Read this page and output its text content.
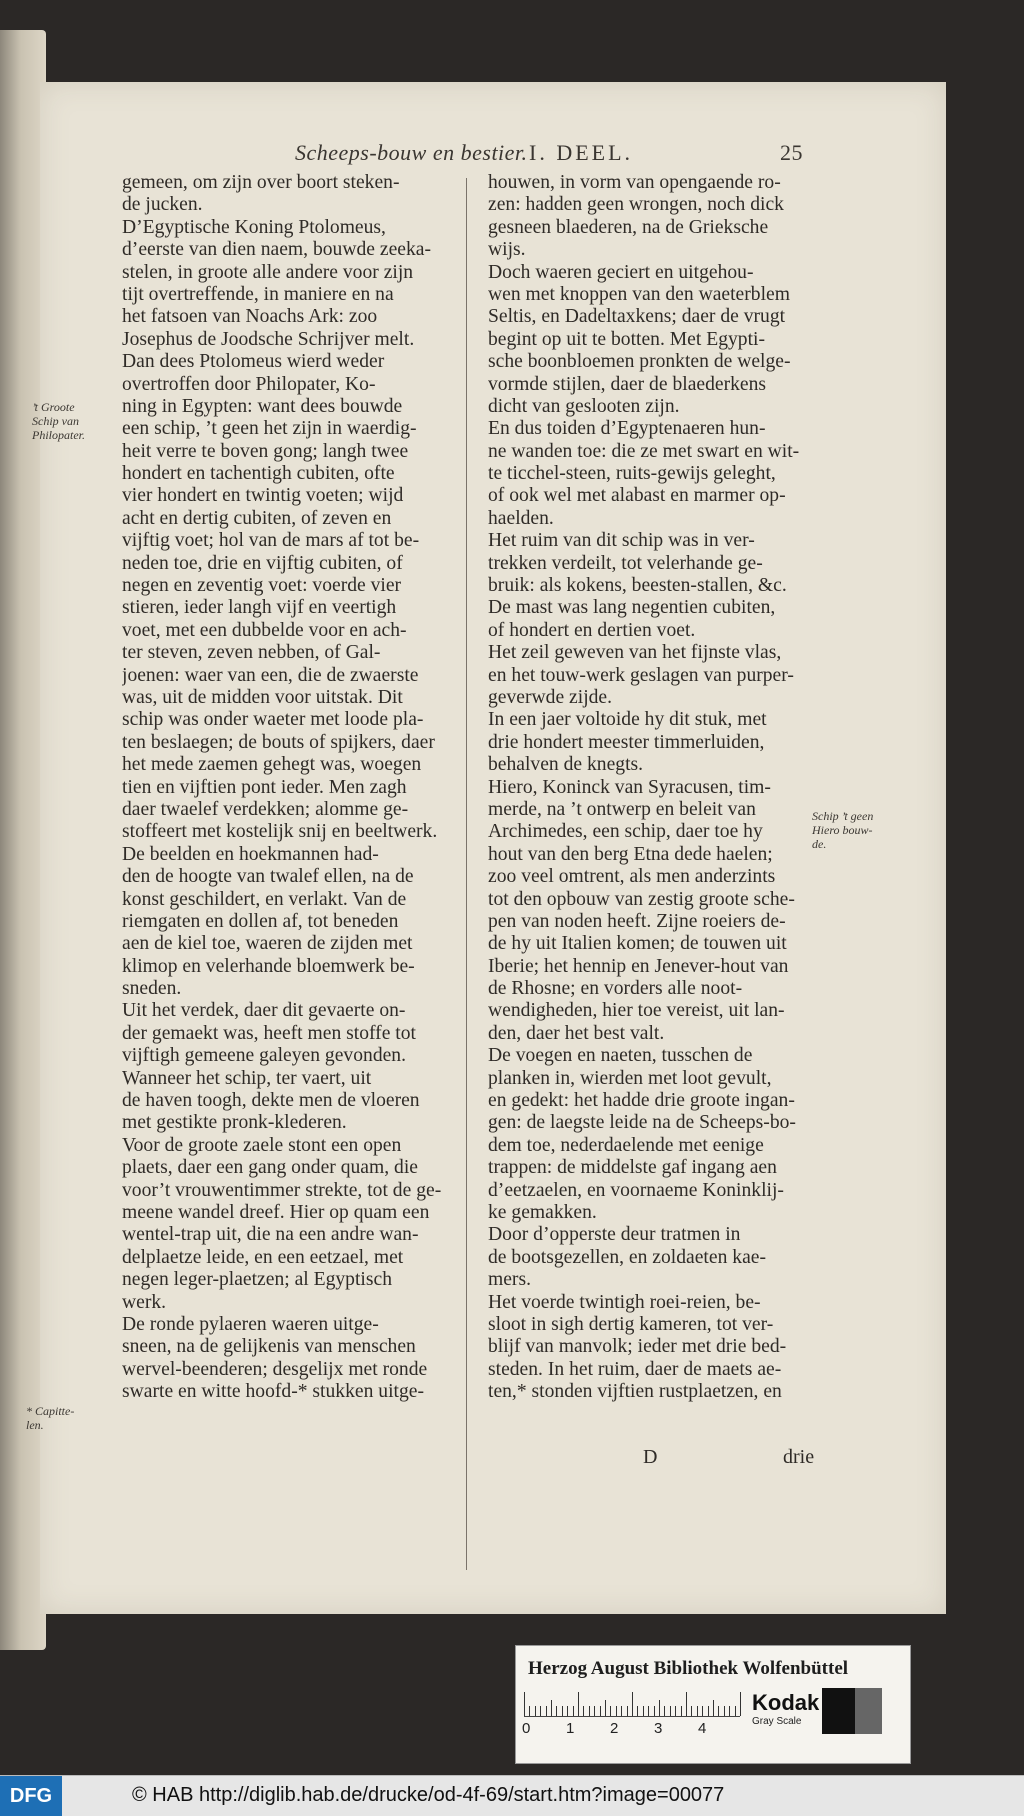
Scheeps-bouw en bestier. I. DEEL.	25
’t Groote
Schip van
Philopater.
* Capitte-
len.
Schip ’t geen
Hiero bouw-
de.
gemeen, om zijn over boort steken-
de jucken.
D’Egyptische Koning Ptolomeus,
d’eerste van dien naem, bouwde zeeka-
stelen, in groote alle andere voor zijn
tijt overtreffende, in maniere en na
het fatsoen van Noachs Ark: zoo
Josephus de Joodsche Schrijver melt.
Dan dees Ptolomeus wierd weder
overtroffen door Philopater, Ko-
ning in Egypten: want dees bouwde
een schip, ’t geen het zijn in waerdig-
heit verre te boven gong; langh twee
hondert en tachentigh cubiten, ofte
vier hondert en twintig voeten; wijd
acht en dertig cubiten, of zeven en
vijftig voet; hol van de mars af tot be-
neden toe, drie en vijftig cubiten, of
negen en zeventig voet: voerde vier
stieren, ieder langh vijf en veertigh
voet, met een dubbelde voor en ach-
ter steven, zeven nebben, of Gal-
joenen: waer van een, die de zwaerste
was, uit de midden voor uitstak. Dit
schip was onder waeter met loode pla-
ten beslaegen; de bouts of spijkers, daer
het mede zaemen gehegt was, woegen
tien en vijftien pont ieder. Men zagh
daer twaelef verdekken; alomme ge-
stoffeert met kostelijk snij en beeltwerk.
De beelden en hoekmannen had-
den de hoogte van twalef ellen, na de
konst geschildert, en verlakt. Van de
riemgaten en dollen af, tot beneden
aen de kiel toe, waeren de zijden met
klimop en velerhande bloemwerk be-
sneden.
Uit het verdek, daer dit gevaerte on-
der gemaekt was, heeft men stoffe tot
vijftigh gemeene galeyen gevonden.
Wanneer het schip, ter vaert, uit
de haven toogh, dekte men de vloeren
met gestikte pronk-klederen.
Voor de groote zaele stont een open
plaets, daer een gang onder quam, die
voor’t vrouwentimmer strekte, tot de ge-
meene wandel dreef. Hier op quam een
wentel-trap uit, die na een andre wan-
delplaetze leide, en een eetzael, met
negen leger-plaetzen; al Egyptisch
werk.
De ronde pylaeren waeren uitge-
sneen, na de gelijkenis van menschen
wervel-beenderen; desgelijx met ronde
swarte en witte hoofd-* stukken uitge-
houwen, in vorm van opengaende ro-
zen: hadden geen wrongen, noch dick
gesneen blaederen, na de Grieksche
wijs.
Doch waeren geciert en uitgehou-
wen met knoppen van den waeterblem
Seltis, en Dadeltaxkens; daer de vrugt
begint op uit te botten. Met Egypti-
sche boonbloemen pronkten de welge-
vormde stijlen, daer de blaederkens
dicht van geslooten zijn.
En dus toiden d’Egyptenaeren hun-
ne wanden toe: die ze met swart en wit-
te ticchel-steen, ruits-gewijs geleght,
of ook wel met alabast en marmer op-
haelden.
Het ruim van dit schip was in ver-
trekken verdeilt, tot velerhande ge-
bruik: als kokens, beesten-stallen, &c.
De mast was lang negentien cubiten,
of hondert en dertien voet.
Het zeil geweven van het fijnste vlas,
en het touw-werk geslagen van purper-
geverwde zijde.
In een jaer voltoide hy dit stuk, met
drie hondert meester timmerluiden,
behalven de knegts.
Hiero, Koninck van Syracusen, tim-
merde, na ’t ontwerp en beleit van
Archimedes, een schip, daer toe hy
hout van den berg Etna dede haelen;
zoo veel omtrent, als men anderzints
tot den opbouw van zestig groote sche-
pen van noden heeft. Zijne roeiers de-
de hy uit Italien komen; de touwen uit
Iberie; het hennip en Jenever-hout van
de Rhosne; en vorders alle noot-
wendigheden, hier toe vereist, uit lan-
den, daer het best valt.
De voegen en naeten, tusschen de
planken in, wierden met loot gevult,
en gedekt: het hadde drie groote ingan-
gen: de laegste leide na de Scheeps-bo-
dem toe, nederdaelende met eenige
trappen: de middelste gaf ingang aen
d’eetzaelen, en voornaeme Koninklij-
ke gemakken.
Door d’opperste deur tratmen in
de bootsgezellen, en zoldaeten kae-
mers.
Het voerde twintigh roei-reien, be-
sloot in sigh dertig kameren, tot ver-
blijf van manvolk; ieder met drie bed-
steden. In het ruim, daer de maets ae-
ten,* stonden vijftien rustplaetzen, en
D	drie
Herzog August Bibliothek Wolfenbüttel
0 1 2 3 4
Kodak
Gray Scale
DFG	© HAB http://diglib.hab.de/drucke/od-4f-69/start.htm?image=00077
